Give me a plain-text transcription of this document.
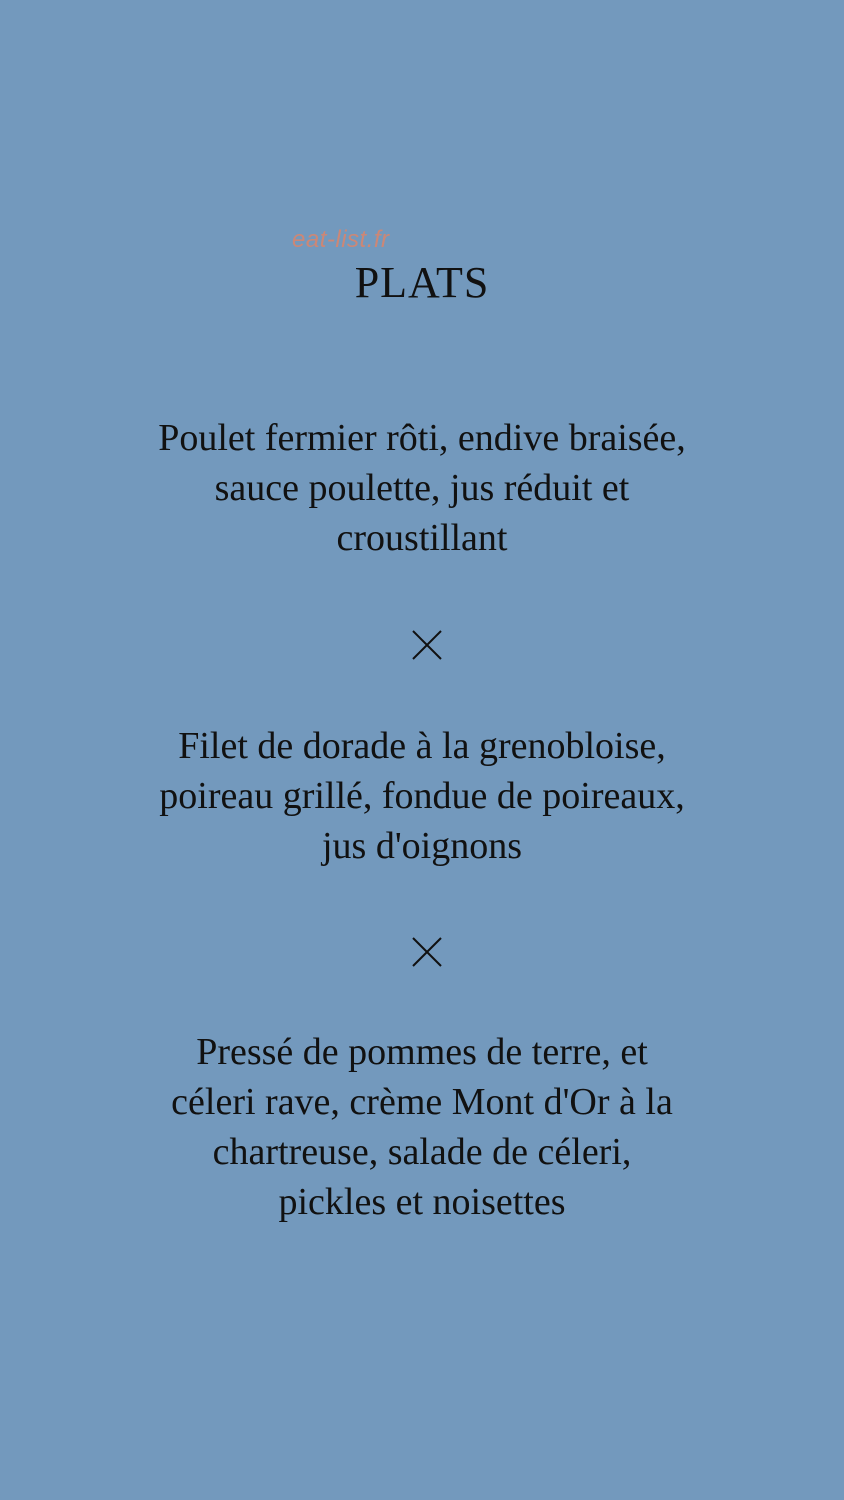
eat-list.fr
PLATS

Poulet fermier rôti, endive braisée,
sauce poulette, jus réduit et
croustillant

Filet de dorade à la grenobloise,
poireau grillé, fondue de poireaux,
jus d'oignons

Pressé de pommes de terre, et
céleri rave, crème Mont d'Or à la
chartreuse, salade de céleri,
pickles et noisettes
